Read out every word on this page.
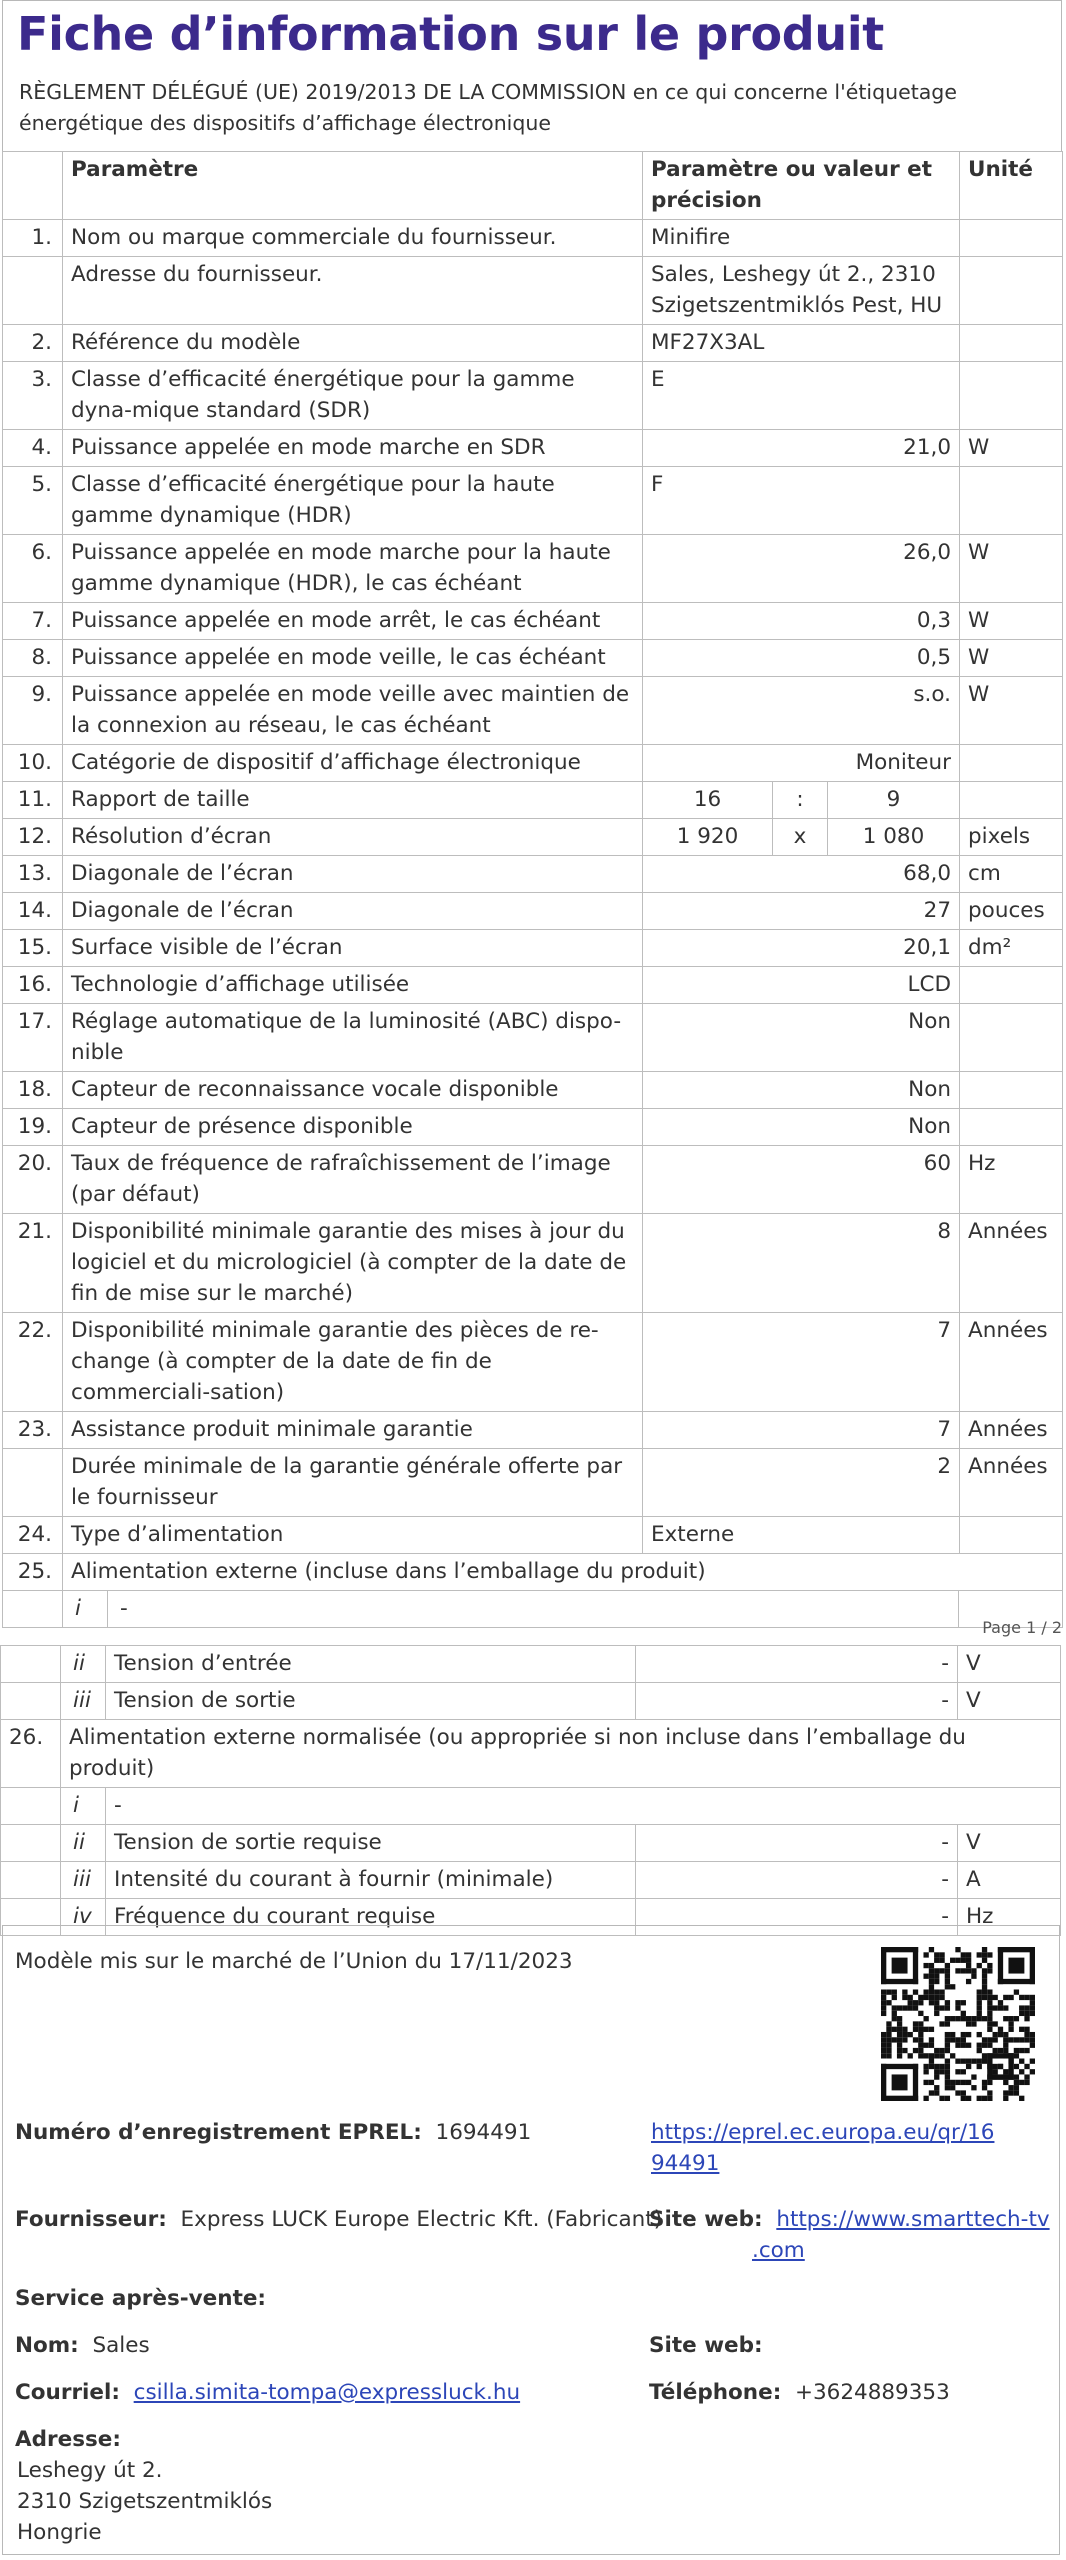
Fiche d’information sur le produit
RÈGLEMENT DÉLÉGUÉ (UE) 2019/2013 DE LA COMMISSION en ce qui concerne l'étiquetage énergétique des dispositifs d’affichage électronique
	Paramètre	Paramètre ou valeur et précision			Unité
1.	Nom ou marque commerciale du fournisseur.	Minifire			
	Adresse du fournisseur.	Sales, Leshegy út 2., 2310 Szigetszentmiklós Pest, HU			
2.	Référence du modèle	MF27X3AL			
3.	Classe d’efficacité énergétique pour la gamme dyna-mique standard (SDR)	E			
4.	Puissance appelée en mode marche en SDR	21,0			W
5.	Classe d’efficacité énergétique pour la haute gamme dynamique (HDR)	F			
6.	Puissance appelée en mode marche pour la haute gamme dynamique (HDR), le cas échéant	26,0			W
7.	Puissance appelée en mode arrêt, le cas échéant	0,3			W
8.	Puissance appelée en mode veille, le cas échéant	0,5			W
9.	Puissance appelée en mode veille avec maintien de la connexion au réseau, le cas échéant	s.o.			W
10.	Catégorie de dispositif d’affichage électronique	Moniteur			
11.	Rapport de taille	16	:	9	
12.	Résolution d’écran	1 920	x	1 080	pixels
13.	Diagonale de l’écran	68,0			cm
14.	Diagonale de l’écran	27			pouces
15.	Surface visible de l’écran	20,1			dm²
16.	Technologie d’affichage utilisée	LCD			
17.	Réglage automatique de la luminosité (ABC) dispo-nible	Non			
18.	Capteur de reconnaissance vocale disponible	Non			
19.	Capteur de présence disponible	Non			
20.	Taux de fréquence de rafraîchissement de l’image (par défaut)	60			Hz
21.	Disponibilité minimale garantie des mises à jour du logiciel et du micrologiciel (à compter de la date de fin de mise sur le marché)	8			Années
22.	Disponibilité minimale garantie des pièces de re-change (à compter de la date de fin de commerciali-sation)	7			Années
23.	Assistance produit minimale garantie	7			Années
	Durée minimale de la garantie générale offerte par le fournisseur	2			Années
24.	Type d’alimentation	Externe			
25.	Alimentation externe (incluse dans l’emballage du produit)				

	i -				
Page 1 / 2
	ii	Tension d’entrée	-	V
	iii	Tension de sortie	-	V
26.	Alimentation externe normalisée (ou appropriée si non incluse dans l’emballage du produit)			
	i	-		
	ii	Tension de sortie requise	-	V
	iii	Intensité du courant à fournir (minimale)	-	A
	iv	Fréquence du courant requise	-	Hz
Modèle mis sur le marché de l’Union du 17/11/2023
Numéro d’enregistrement EPREL: 1694491	https://eprel.ec.europa.eu/qr/16
94491
Fournisseur: Express LUCK Europe Electric Kft. (Fabricant)
Site web: https://www.smarttech-tv
.com
Service après-vente:
Nom: Sales	Site web:
Courriel: csilla.simita-tompa@expressluck.hu	Téléphone: +3624889353
Adresse:
Leshegy út 2.
2310 Szigetszentmiklós
Hongrie
